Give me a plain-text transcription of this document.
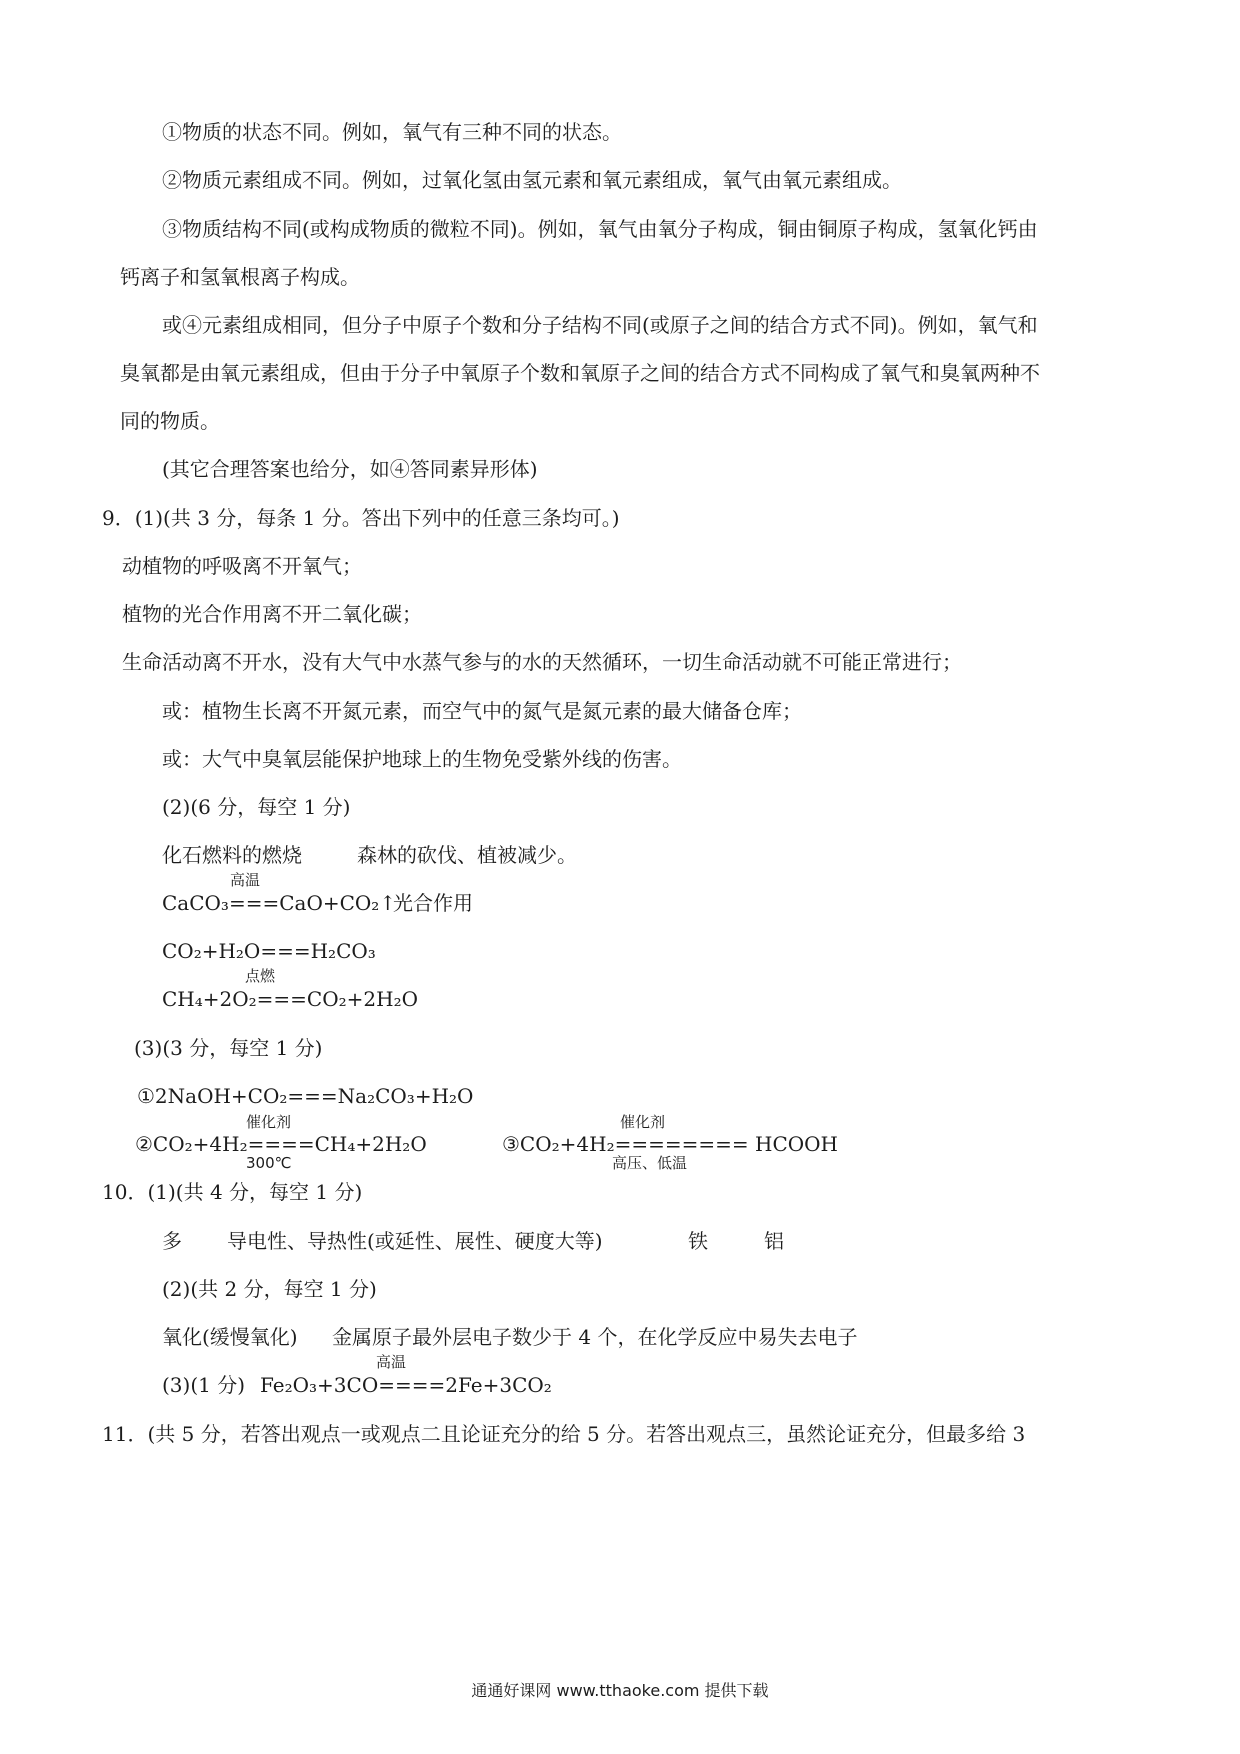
①物质的状态不同。例如，氧气有三种不同的状态。
②物质元素组成不同。例如，过氧化氢由氢元素和氧元素组成，氧气由氧元素组成。
③物质结构不同(或构成物质的微粒不同)。例如，氧气由氧分子构成，铜由铜原子构成，氢氧化钙由
钙离子和氢氧根离子构成。
或④元素组成相同，但分子中原子个数和分子结构不同(或原子之间的结合方式不同)。例如，氧气和
臭氧都是由氧元素组成，但由于分子中氧原子个数和氧原子之间的结合方式不同构成了氧气和臭氧两种不
同的物质。
(其它合理答案也给分，如④答同素异形体)
9．(1)(共 3 分，每条 1 分。答出下列中的任意三条均可。)
动植物的呼吸离不开氧气；
植物的光合作用离不开二氧化碳；
生命活动离不开水，没有大气中水蒸气参与的水的天然循环，一切生命活动就不可能正常进行；
或：植物生长离不开氮元素，而空气中的氮气是氮元素的最大储备仓库；
或：大气中臭氧层能保护地球上的生物免受紫外线的伤害。
(2)(6 分，每空 1 分)
化石燃料的燃烧	森林的砍伐、植被减少。
高温
CaCO₃===CaO+CO₂↑
光合作用
CO₂+H₂O===H₂CO₃
点燃
CH₄+2O₂===CO₂+2H₂O
(3)(3 分，每空 1 分)
①2NaOH+CO₂===Na₂CO₃+H₂O
催化剂
②CO₂+4H₂====CH₄+2H₂O
300℃
催化剂
③CO₂+4H₂======== HCOOH
高压、低温
10．(1)(共 4 分，每空 1 分)
多 导电性、导热性(或延性、展性、硬度大等)	铁	铝
(2)(共 2 分，每空 1 分)
氧化(缓慢氧化) 金属原子最外层电子数少于 4 个，在化学反应中易失去电子
(3)(1 分)
高温
Fe₂O₃+3CO====2Fe+3CO₂
11．(共 5 分，若答出观点一或观点二且论证充分的给 5 分。若答出观点三，虽然论证充分，但最多给 3
通通好课网 www.tthaoke.com 提供下载
